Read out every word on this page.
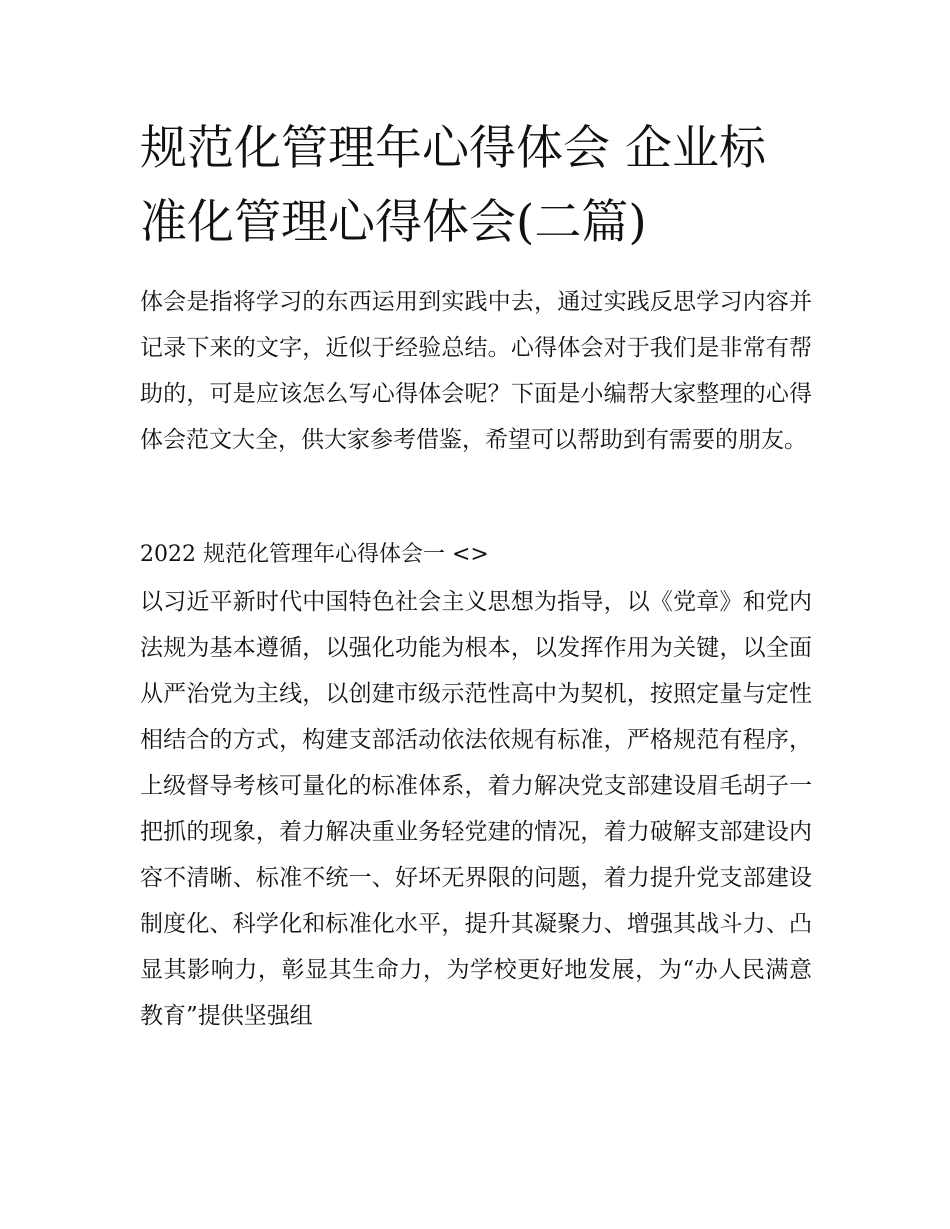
规范化管理年心得体会 企业标准化管理心得体会(二篇)

体会是指将学习的东西运用到实践中去，通过实践反思学习内容并记录下来的文字，近似于经验总结。心得体会对于我们是非常有帮助的，可是应该怎么写心得体会呢？下面是小编帮大家整理的心得体会范文大全，供大家参考借鉴，希望可以帮助到有需要的朋友。

2022 规范化管理年心得体会一 <>

以习近平新时代中国特色社会主义思想为指导，以《党章》和党内法规为基本遵循，以强化功能为根本，以发挥作用为关键，以全面从严治党为主线，以创建市级示范性高中为契机，按照定量与定性相结合的方式，构建支部活动依法依规有标准，严格规范有程序，上级督导考核可量化的标准体系，着力解决党支部建设眉毛胡子一把抓的现象，着力解决重业务轻党建的情况，着力破解支部建设内容不清晰、标准不统一、好坏无界限的问题，着力提升党支部建设制度化、科学化和标准化水平，提升其凝聚力、增强其战斗力、凸显其影响力，彰显其生命力，为学校更好地发展，为“办人民满意教育”提供坚强组
